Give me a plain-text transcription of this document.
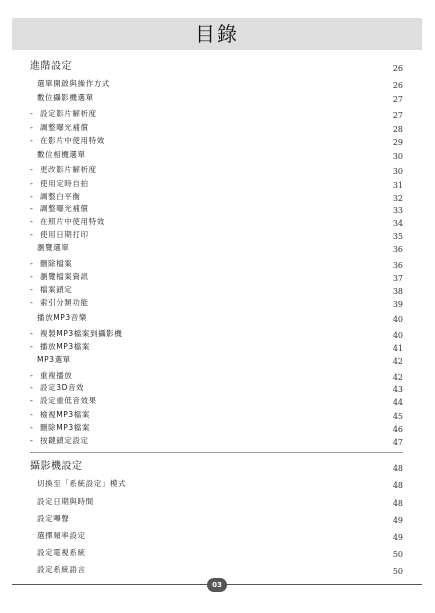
目錄
進階設定	26
選單開啟與操作方式	26
數位攝影機選單	27
- 設定影片解析度	27
- 調整曝光補償	28
- 在影片中使用特效	29
數位相機選單	30
- 更改影片解析度	30
- 使用定時自拍	31
- 調整白平衡	32
- 調整曝光補償	33
- 在照片中使用特效	34
- 使用日期打印	35
瀏覽選單	36
- 刪除檔案	36
- 瀏覽檔案資訊	37
- 檔案鎖定	38
- 索引分類功能	39
播放MP3音樂	40
- 複製MP3檔案到攝影機	40
- 播放MP3檔案	41
MP3選單	42
- 重複播放	42
- 設定3D音效	43
- 設定重低音效果	44
- 檢視MP3檔案	45
- 刪除MP3檔案	46
- 按鍵鎖定設定	47
攝影機設定	48
切換至「系統設定」模式	48
設定日期與時間	48
設定嗶聲	49
選擇頻率設定	49
設定電視系統	50
設定系統語言	50
03
